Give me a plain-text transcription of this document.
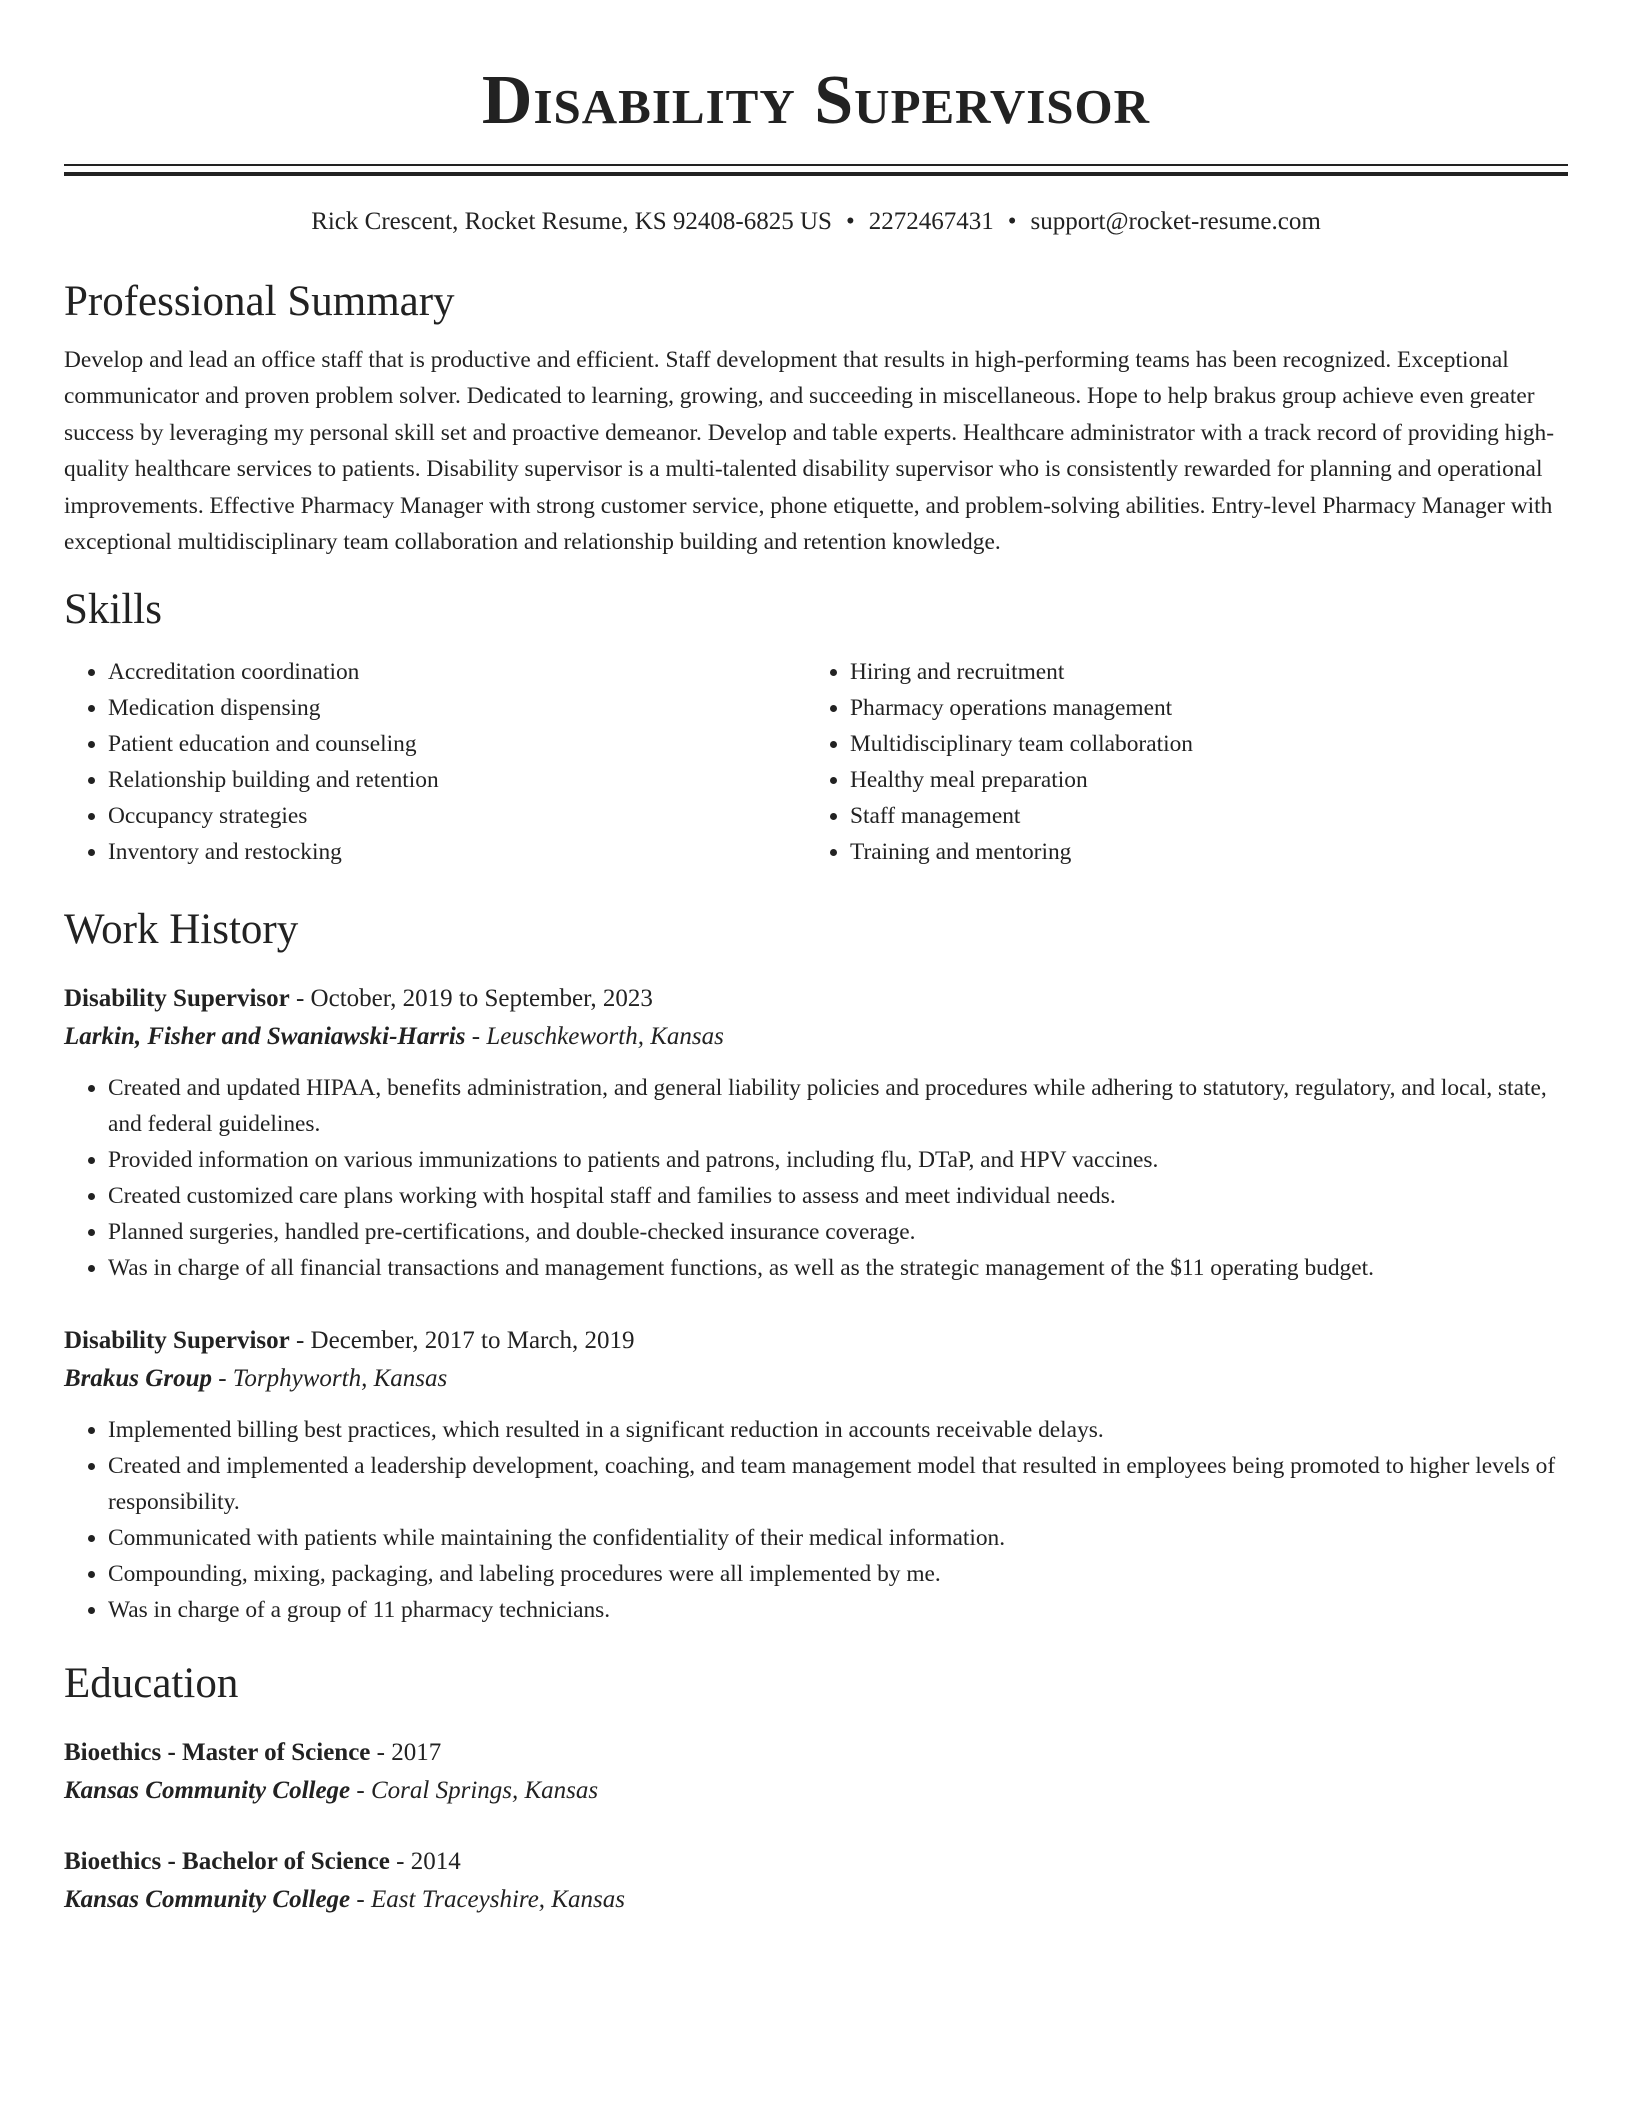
Disability Supervisor
Rick Crescent, Rocket Resume, KS 92408-6825 US • 2272467431 • support@rocket-resume.com
Professional Summary

Develop and lead an office staff that is productive and efficient. Staff development that results in high-performing teams has been recognized. Exceptional communicator and proven problem solver. Dedicated to learning, growing, and succeeding in miscellaneous. Hope to help brakus group achieve even greater success by leveraging my personal skill set and proactive demeanor. Develop and table experts. Healthcare administrator with a track record of providing high-quality healthcare services to patients. Disability supervisor is a multi-talented disability supervisor who is consistently rewarded for planning and operational improvements. Effective Pharmacy Manager with strong customer service, phone etiquette, and problem-solving abilities. Entry-level Pharmacy Manager with exceptional multidisciplinary team collaboration and relationship building and retention knowledge.

Skills
• Accreditation coordination
• Medication dispensing
• Patient education and counseling
• Relationship building and retention
• Occupancy strategies
• Inventory and restocking
• Hiring and recruitment
• Pharmacy operations management
• Multidisciplinary team collaboration
• Healthy meal preparation
• Staff management
• Training and mentoring
Work History
Disability Supervisor - October, 2019 to September, 2023
Larkin, Fisher and Swaniawski-Harris - Leuschkeworth, Kansas
• Created and updated HIPAA, benefits administration, and general liability policies and procedures while adhering to statutory, regulatory, and local, state, and federal guidelines.
• Provided information on various immunizations to patients and patrons, including flu, DTaP, and HPV vaccines.
• Created customized care plans working with hospital staff and families to assess and meet individual needs.
• Planned surgeries, handled pre-certifications, and double-checked insurance coverage.
• Was in charge of all financial transactions and management functions, as well as the strategic management of the $11 operating budget.
Disability Supervisor - December, 2017 to March, 2019
Brakus Group - Torphyworth, Kansas
• Implemented billing best practices, which resulted in a significant reduction in accounts receivable delays.
• Created and implemented a leadership development, coaching, and team management model that resulted in employees being promoted to higher levels of responsibility.
• Communicated with patients while maintaining the confidentiality of their medical information.
• Compounding, mixing, packaging, and labeling procedures were all implemented by me.
• Was in charge of a group of 11 pharmacy technicians.
Education
Bioethics - Master of Science - 2017
Kansas Community College - Coral Springs, Kansas
Bioethics - Bachelor of Science - 2014
Kansas Community College - East Traceyshire, Kansas
